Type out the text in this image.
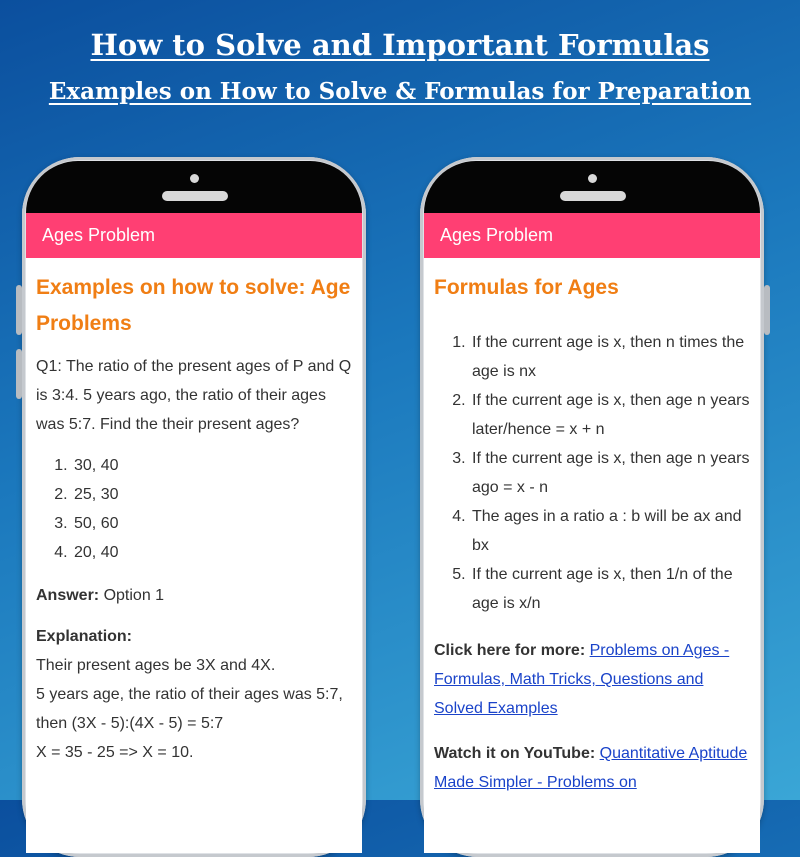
How to Solve and Important Formulas
Examples on How to Solve & Formulas for Preparation
Ages Problem
Examples on how to solve: Age Problems

Q1: The ratio of the present ages of P and Q is 3:4. 5 years ago, the ratio of their ages was 5:7. Find the their present ages?

1. 30, 40
2. 25, 30
3. 50, 60
4. 20, 40

Answer: Option 1

Explanation:
Their present ages be 3X and 4X.
5 years age, the ratio of their ages was 5:7, then (3X - 5):(4X - 5) = 5:7
X = 35 - 25 => X = 10.
Ages Problem
Formulas for Ages
1. If the current age is x, then n times the age is nx
2. If the current age is x, then age n years later/hence = x + n
3. If the current age is x, then age n years ago = x - n
4. The ages in a ratio a : b will be ax and bx
5. If the current age is x, then 1/n of the age is x/n

Click here for more: Problems on Ages - Formulas, Math Tricks, Questions and Solved Examples

Watch it on YouTube: Quantitative Aptitude Made Simpler - Problems on
